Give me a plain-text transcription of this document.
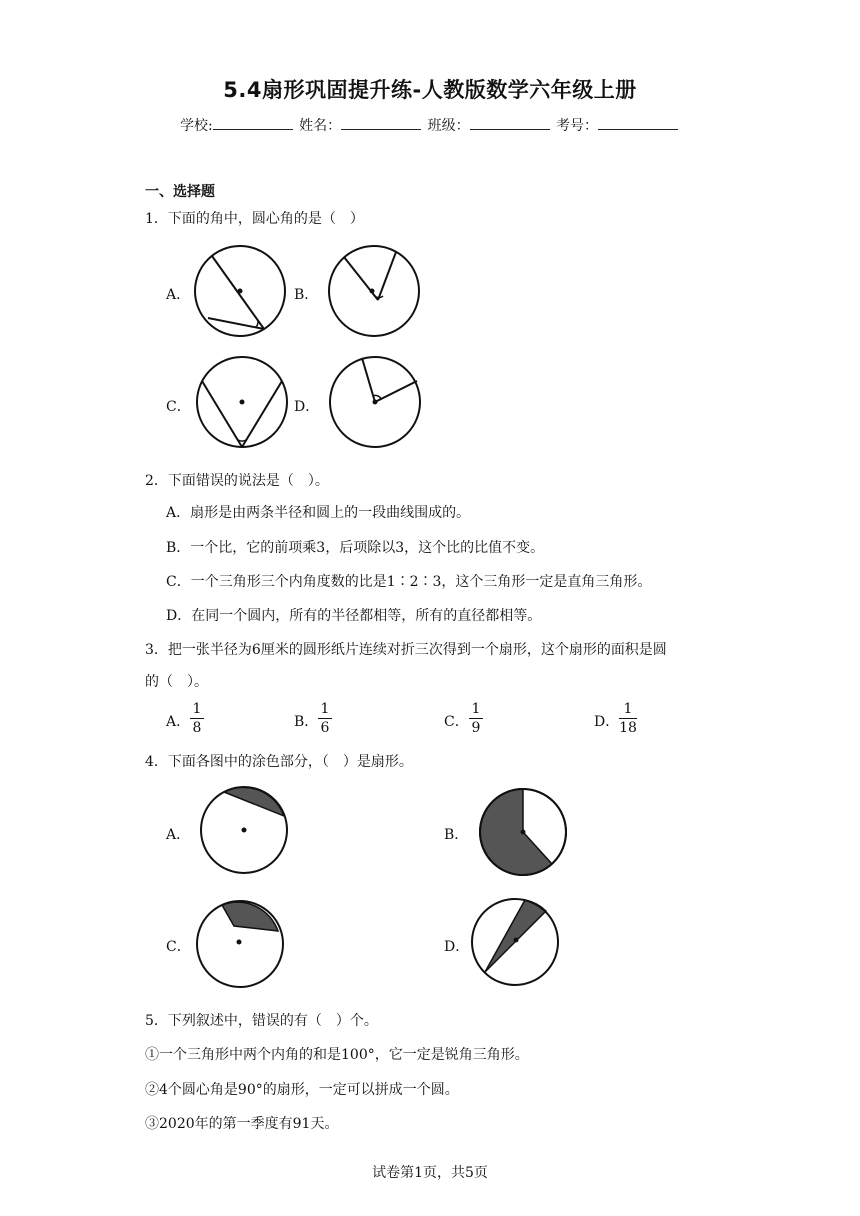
5.4扇形巩固提升练-人教版数学六年级上册
学校:	姓名：	班级：	考号：
一、选择题
1．下面的角中，圆心角的是（　）
A．	B．
C．	D．
2．下面错误的说法是（　）。
A．扇形是由两条半径和圆上的一段曲线围成的。
B．一个比，它的前项乘3，后项除以3，这个比的比值不变。
C．一个三角形三个内角度数的比是1∶2∶3，这个三角形一定是直角三角形。
D．在同一个圆内，所有的半径都相等，所有的直径都相等。
3．把一张半径为6厘米的圆形纸片连续对折三次得到一个扇形，这个扇形的面积是圆
的（　）。
A．
1
8	B．
1
6	C．
1
9	D．
1
18
4．下面各图中的涂色部分，（　）是扇形。
A．	B．
C．	D．
5．下列叙述中，错误的有（　）个。
①一个三角形中两个内角的和是100°，它一定是锐角三角形。
②4个圆心角是90°的扇形，一定可以拼成一个圆。
③2020年的第一季度有91天。
试卷第1页，共5页
